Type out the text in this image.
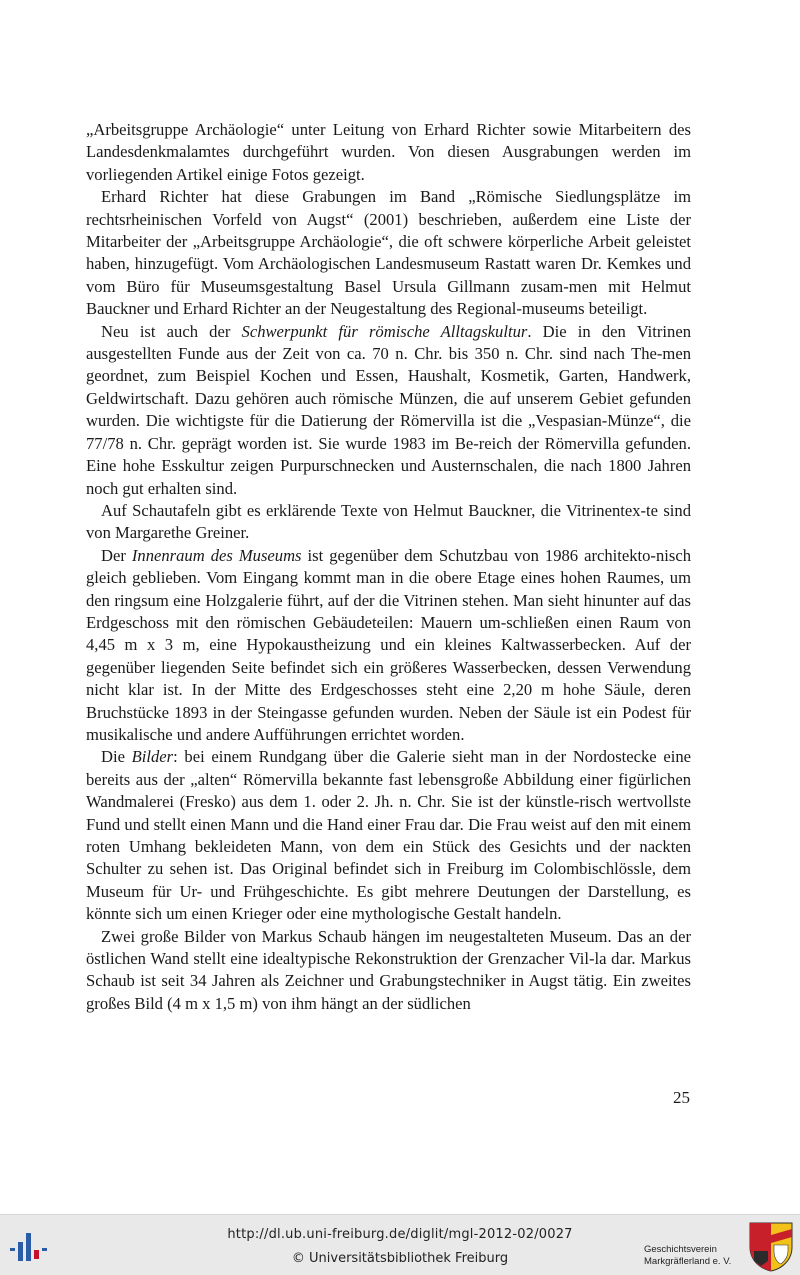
„Arbeitsgruppe Archäologie“ unter Leitung von Erhard Richter sowie Mitarbeitern des Landesdenkmalamtes durchgeführt wurden. Von diesen Ausgrabungen werden im vorliegenden Artikel einige Fotos gezeigt.

Erhard Richter hat diese Grabungen im Band „Römische Siedlungsplätze im rechtsrheinischen Vorfeld von Augst“ (2001) beschrieben, außerdem eine Liste der Mitarbeiter der „Arbeitsgruppe Archäologie“, die oft schwere körperliche Arbeit geleistet haben, hinzugefügt. Vom Archäologischen Landesmuseum Rastatt waren Dr. Kemkes und vom Büro für Museumsgestaltung Basel Ursula Gillmann zusam-men mit Helmut Bauckner und Erhard Richter an der Neugestaltung des Regional-museums beteiligt.

Neu ist auch der Schwerpunkt für römische Alltagskultur. Die in den Vitrinen ausgestellten Funde aus der Zeit von ca. 70 n. Chr. bis 350 n. Chr. sind nach The-men geordnet, zum Beispiel Kochen und Essen, Haushalt, Kosmetik, Garten, Handwerk, Geldwirtschaft. Dazu gehören auch römische Münzen, die auf unserem Gebiet gefunden wurden. Die wichtigste für die Datierung der Römervilla ist die „Vespasian-Münze“, die 77/78 n. Chr. geprägt worden ist. Sie wurde 1983 im Be-reich der Römervilla gefunden. Eine hohe Esskultur zeigen Purpurschnecken und Austernschalen, die nach 1800 Jahren noch gut erhalten sind.

Auf Schautafeln gibt es erklärende Texte von Helmut Bauckner, die Vitrinentex-te sind von Margarethe Greiner.

Der Innenraum des Museums ist gegenüber dem Schutzbau von 1986 architekto-nisch gleich geblieben. Vom Eingang kommt man in die obere Etage eines hohen Raumes, um den ringsum eine Holzgalerie führt, auf der die Vitrinen stehen. Man sieht hinunter auf das Erdgeschoss mit den römischen Gebäudeteilen: Mauern um-schließen einen Raum von 4,45 m x 3 m, eine Hypokaustheizung und ein kleines Kaltwasserbecken. Auf der gegenüber liegenden Seite befindet sich ein größeres Wasserbecken, dessen Verwendung nicht klar ist. In der Mitte des Erdgeschosses steht eine 2,20 m hohe Säule, deren Bruchstücke 1893 in der Steingasse gefunden wurden. Neben der Säule ist ein Podest für musikalische und andere Aufführungen errichtet worden.

Die Bilder: bei einem Rundgang über die Galerie sieht man in der Nordostecke eine bereits aus der „alten“ Römervilla bekannte fast lebensgroße Abbildung einer figürlichen Wandmalerei (Fresko) aus dem 1. oder 2. Jh. n. Chr. Sie ist der künstle-risch wertvollste Fund und stellt einen Mann und die Hand einer Frau dar. Die Frau weist auf den mit einem roten Umhang bekleideten Mann, von dem ein Stück des Gesichts und der nackten Schulter zu sehen ist. Das Original befindet sich in Freiburg im Colombischlössle, dem Museum für Ur- und Frühgeschichte. Es gibt mehrere Deutungen der Darstellung, es könnte sich um einen Krieger oder eine mythologische Gestalt handeln.

Zwei große Bilder von Markus Schaub hängen im neugestalteten Museum. Das an der östlichen Wand stellt eine idealtypische Rekonstruktion der Grenzacher Vil-la dar. Markus Schaub ist seit 34 Jahren als Zeichner und Grabungstechniker in Augst tätig. Ein zweites großes Bild (4 m x 1,5 m) von ihm hängt an der südlichen

25
http://dl.ub.uni-freiburg.de/diglit/mgl-2012-02/0027
© Universitätsbibliothek Freiburg
Geschichtsverein
Markgräflerland e. V.
